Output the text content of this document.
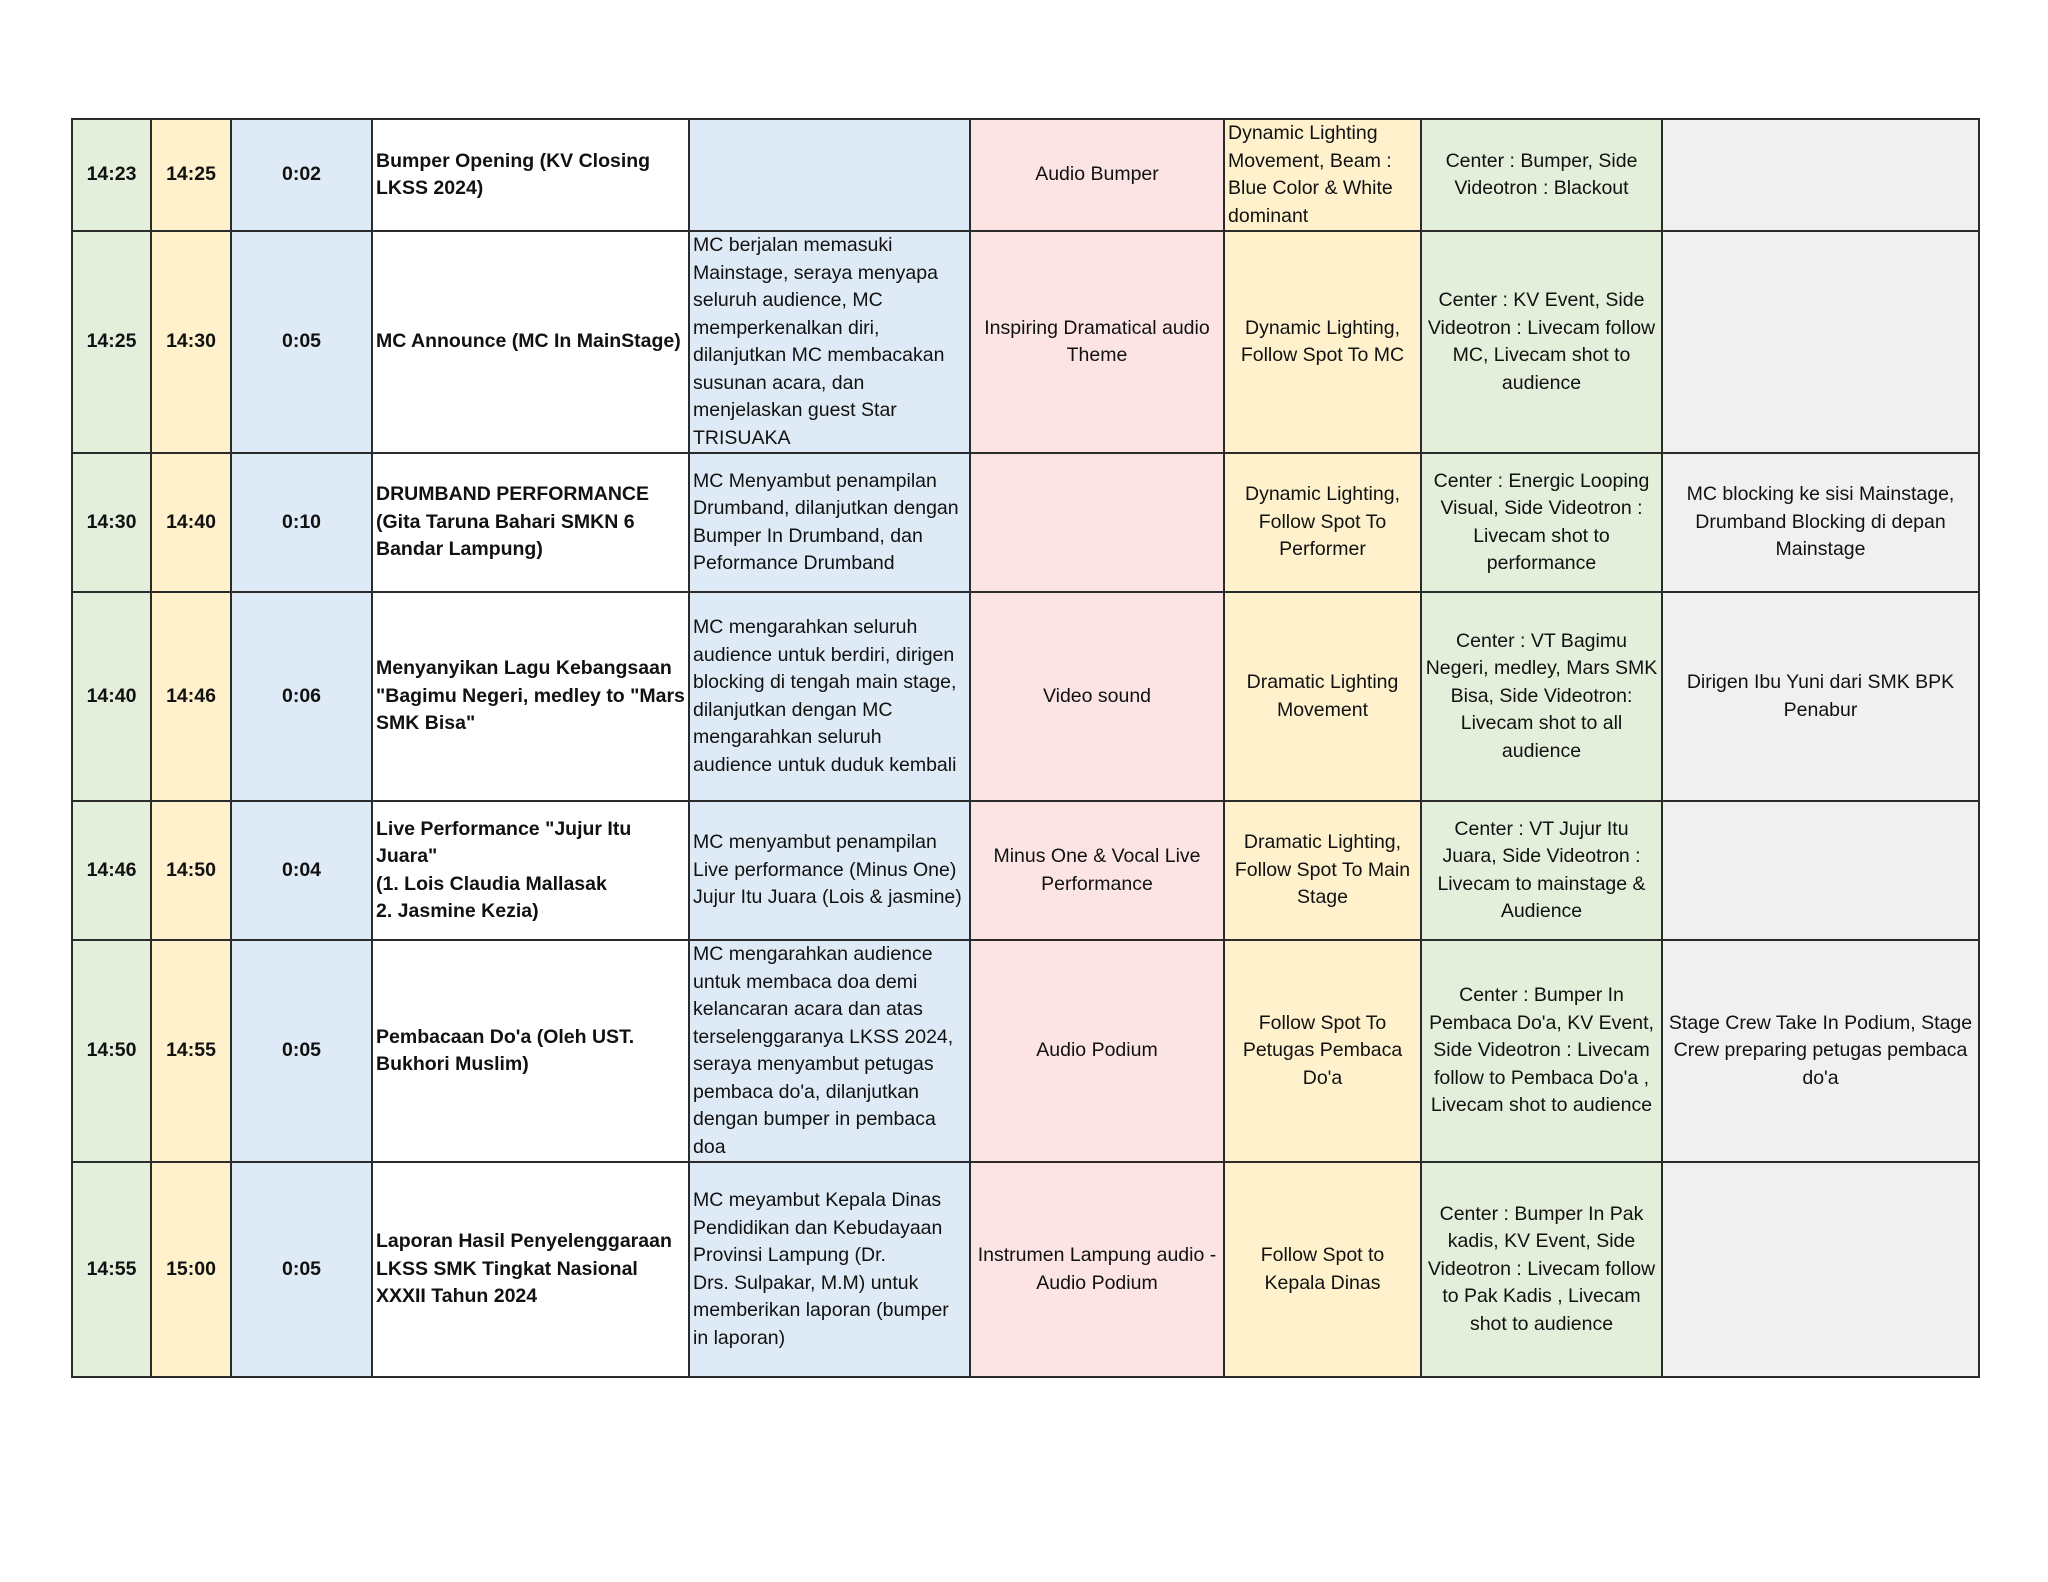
14:23	14:25	0:02	Bumper Opening (KV Closing LKSS 2024)		Audio Bumper	Dynamic Lighting Movement, Beam : Blue Color & White dominant	Center : Bumper, Side Videotron : Blackout	
14:25	14:30	0:05	MC Announce (MC In MainStage)	MC berjalan memasuki Mainstage, seraya menyapa seluruh audience, MC memperkenalkan diri, dilanjutkan MC membacakan susunan acara, dan menjelaskan guest Star TRISUAKA	Inspiring Dramatical audio Theme	Dynamic Lighting, Follow Spot To MC	Center : KV Event, Side Videotron : Livecam follow MC, Livecam shot to audience	
14:30	14:40	0:10	DRUMBAND PERFORMANCE (Gita Taruna Bahari SMKN 6 Bandar Lampung)	MC Menyambut penampilan Drumband, dilanjutkan dengan Bumper In Drumband, dan Peformance Drumband		Dynamic Lighting, Follow Spot To Performer	Center : Energic Looping Visual, Side Videotron : Livecam shot to performance	MC blocking ke sisi Mainstage, Drumband Blocking di depan Mainstage
14:40	14:46	0:06	Menyanyikan Lagu Kebangsaan "Bagimu Negeri, medley to "Mars SMK Bisa"	MC mengarahkan seluruh audience untuk berdiri, dirigen blocking di tengah main stage, dilanjutkan dengan MC mengarahkan seluruh audience untuk duduk kembali	Video sound	Dramatic Lighting Movement	Center : VT Bagimu Negeri, medley, Mars SMK Bisa, Side Videotron: Livecam shot to all audience	Dirigen Ibu Yuni dari SMK BPK Penabur
14:46	14:50	0:04	Live Performance "Jujur Itu Juara"
(1. Lois Claudia Mallasak
2. Jasmine Kezia)	MC menyambut penampilan Live performance (Minus One) Jujur Itu Juara (Lois & jasmine)	Minus One & Vocal Live Performance	Dramatic Lighting, Follow Spot To Main Stage	Center : VT Jujur Itu Juara, Side Videotron : Livecam to mainstage & Audience	
14:50	14:55	0:05	Pembacaan Do'a (Oleh UST. Bukhori Muslim)	MC mengarahkan audience untuk membaca doa demi kelancaran acara dan atas terselenggaranya LKSS 2024, seraya menyambut petugas pembaca do'a, dilanjutkan dengan bumper in pembaca doa	Audio Podium	Follow Spot To Petugas Pembaca Do'a	Center : Bumper In Pembaca Do'a, KV Event, Side Videotron : Livecam follow to Pembaca Do'a , Livecam shot to audience	Stage Crew Take In Podium, Stage Crew preparing petugas pembaca do'a
14:55	15:00	0:05	Laporan Hasil Penyelenggaraan LKSS SMK Tingkat Nasional XXXII Tahun 2024	MC meyambut Kepala Dinas Pendidikan dan Kebudayaan Provinsi Lampung (Dr.
Drs. Sulpakar, M.M) untuk memberikan laporan (bumper in laporan)	Instrumen Lampung audio - Audio Podium	Follow Spot to Kepala Dinas	Center : Bumper In Pak kadis, KV Event, Side Videotron : Livecam follow to Pak Kadis , Livecam shot to audience	
